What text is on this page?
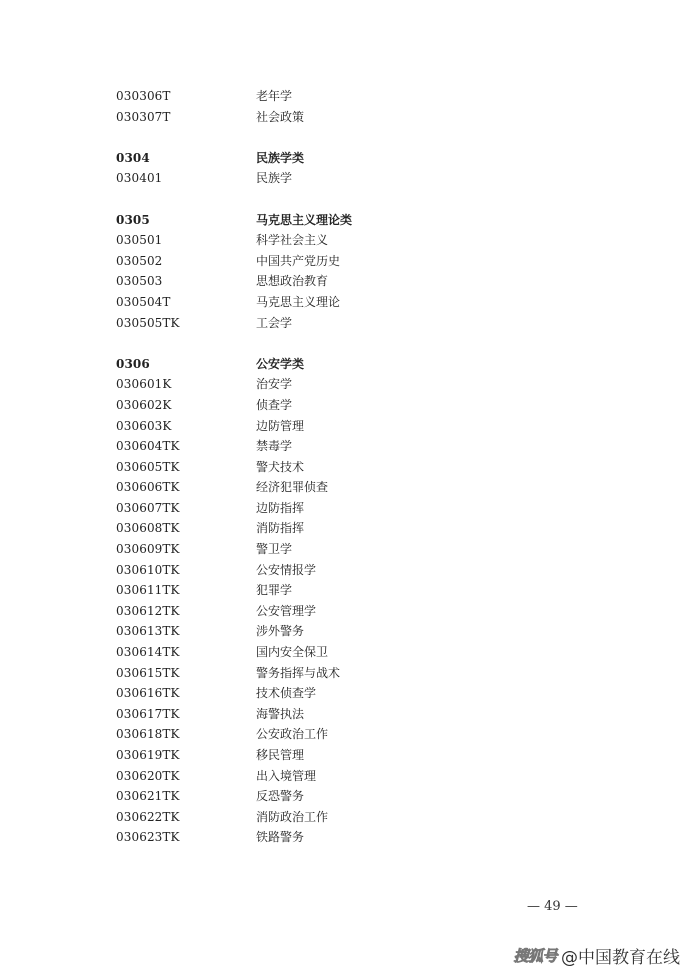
030306T	老年学
030307T	社会政策
0304	民族学类
030401	民族学
0305	马克思主义理论类
030501	科学社会主义
030502	中国共产党历史
030503	思想政治教育
030504T	马克思主义理论
030505TK	工会学
0306	公安学类
030601K	治安学
030602K	侦查学
030603K	边防管理
030604TK	禁毒学
030605TK	警犬技术
030606TK	经济犯罪侦查
030607TK	边防指挥
030608TK	消防指挥
030609TK	警卫学
030610TK	公安情报学
030611TK	犯罪学
030612TK	公安管理学
030613TK	涉外警务
030614TK	国内安全保卫
030615TK	警务指挥与战术
030616TK	技术侦查学
030617TK	海警执法
030618TK	公安政治工作
030619TK	移民管理
030620TK	出入境管理
030621TK	反恐警务
030622TK	消防政治工作
030623TK	铁路警务
— 49 —
搜狐号 @中国教育在线
